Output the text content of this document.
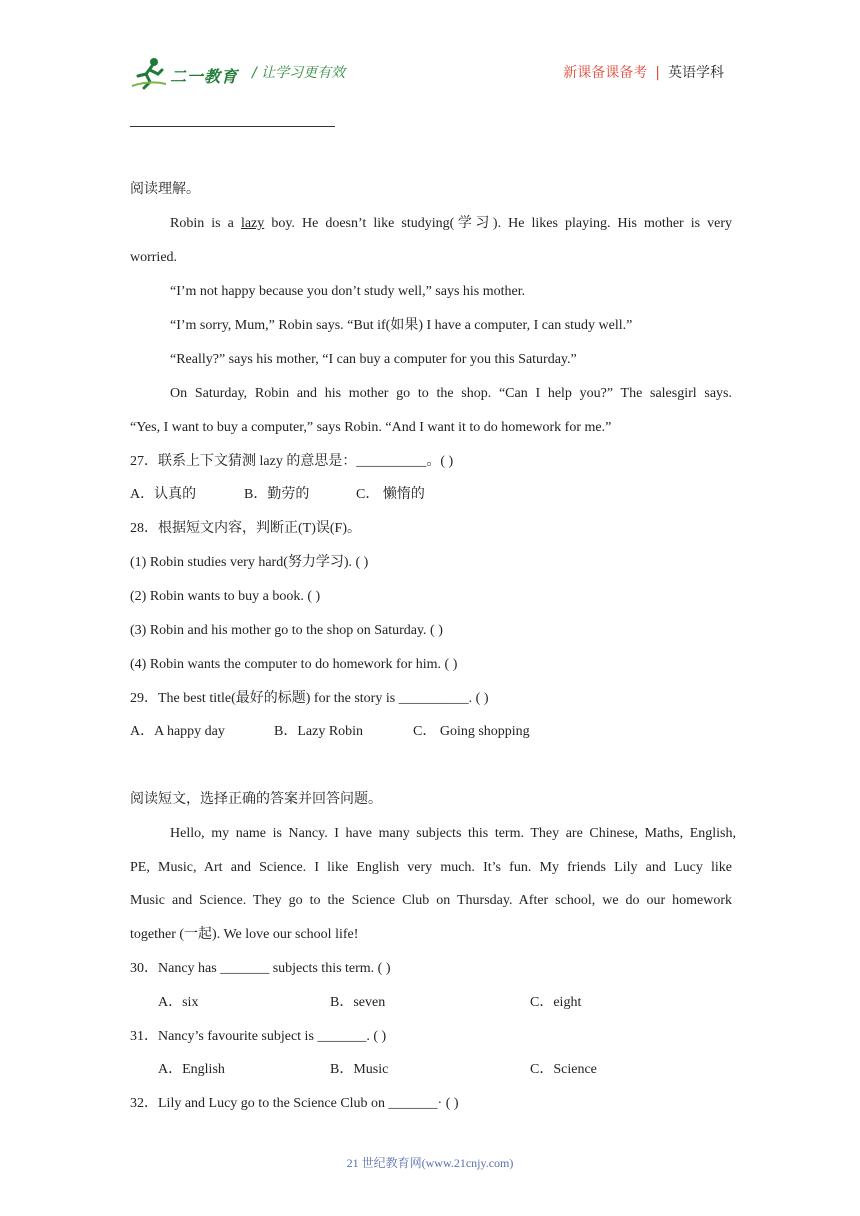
二一教育 / 让学习更有效	新课备课备考 | 英语学科
阅读理解。
Robin is a lazy boy. He doesn’t like studying(学习). He likes playing. His mother is very
worried.
“I’m not happy because you don’t study well,” says his mother.
“I’m sorry, Mum,” Robin says. “But if(如果) I have a computer, I can study well.”
“Really?” says his mother, “I can buy a computer for you this Saturday.”
On Saturday, Robin and his mother go to the shop. “Can I help you?” The salesgirl says.
“Yes, I want to buy a computer,” says Robin. “And I want it to do homework for me.”
27．联系上下文猜测 lazy 的意思是：__________。( )
A．认真的	B．勤劳的	C． 懒惰的
28．根据短文内容，判断正(T)误(F)。
(1) Robin studies very hard(努力学习). ( )
(2) Robin wants to buy a book. ( )
(3) Robin and his mother go to the shop on Saturday. ( )
(4) Robin wants the computer to do homework for him. ( )
29．The best title(最好的标题) for the story is __________. ( )
A．A happy day	B．Lazy Robin	C． Going shopping
阅读短文，选择正确的答案并回答问题。
Hello, my name is Nancy. I have many subjects this term. They are Chinese, Maths, English,
PE, Music, Art and Science. I like English very much. It’s fun. My friends Lily and Lucy like
Music and Science. They go to the Science Club on Thursday. After school, we do our homework
together (一起). We love our school life!
30．Nancy has _______ subjects this term. ( )
A．six	B．seven	C．eight
31．Nancy’s favourite subject is _______. ( )
A．English	B．Music	C．Science
32．Lily and Lucy go to the Science Club on _______· ( )
21 世纪教育网(www.21cnjy.com)
